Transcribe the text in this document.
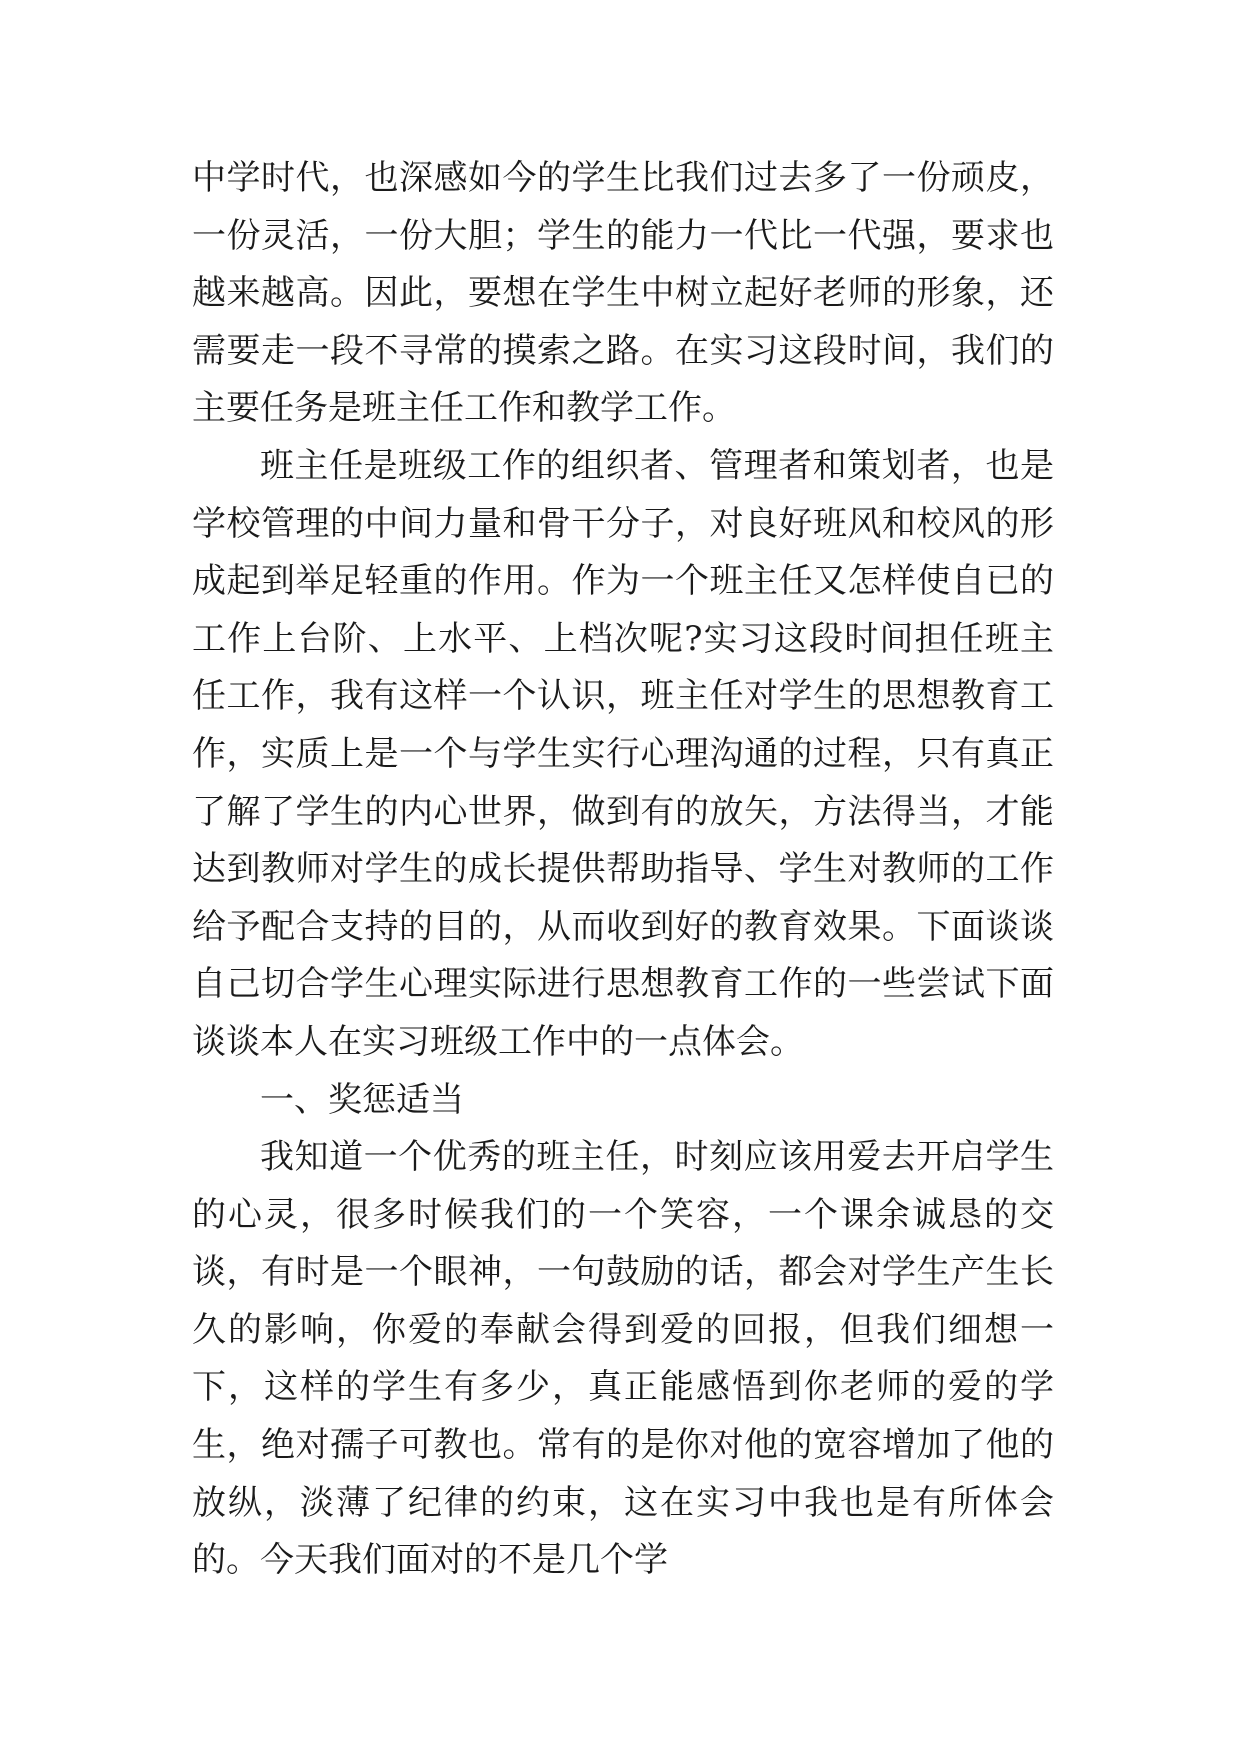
中学时代，也深感如今的学生比我们过去多了一份顽皮，一份灵活，一份大胆；学生的能力一代比一代强，要求也越来越高。因此，要想在学生中树立起好老师的形象，还需要走一段不寻常的摸索之路。在实习这段时间，我们的主要任务是班主任工作和教学工作。

班主任是班级工作的组织者、管理者和策划者，也是学校管理的中间力量和骨干分子，对良好班风和校风的形成起到举足轻重的作用。作为一个班主任又怎样使自已的工作上台阶、上水平、上档次呢?实习这段时间担任班主任工作，我有这样一个认识，班主任对学生的思想教育工作，实质上是一个与学生实行心理沟通的过程，只有真正了解了学生的内心世界，做到有的放矢，方法得当，才能达到教师对学生的成长提供帮助指导、学生对教师的工作给予配合支持的目的，从而收到好的教育效果。下面谈谈自己切合学生心理实际进行思想教育工作的一些尝试下面谈谈本人在实习班级工作中的一点体会。

一、奖惩适当

我知道一个优秀的班主任，时刻应该用爱去开启学生的心灵，很多时候我们的一个笑容，一个课余诚恳的交谈，有时是一个眼神，一句鼓励的话，都会对学生产生长久的影响，你爱的奉献会得到爱的回报，但我们细想一下，这样的学生有多少，真正能感悟到你老师的爱的学生，绝对孺子可教也。常有的是你对他的宽容增加了他的放纵，淡薄了纪律的约束，这在实习中我也是有所体会的。今天我们面对的不是几个学
